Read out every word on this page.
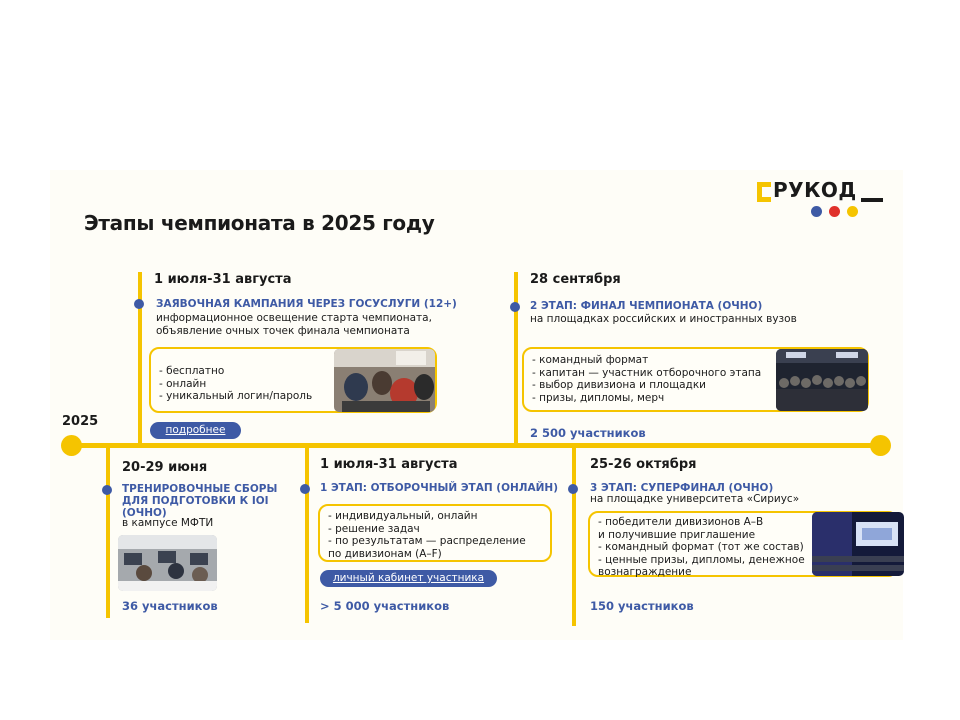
Этапы чемпионата в 2025 году
РУКОД
2025
1 июля-31 августа
ЗАЯВОЧНАЯ КАМПАНИЯ ЧЕРЕЗ ГОСУСЛУГИ (12+)
информационное освещение старта чемпионата,
объявление очных точек финала чемпионата
- бесплатно
- онлайн
- уникальный логин/пароль
подробнее
28 сентября
2 ЭТАП: ФИНАЛ ЧЕМПИОНАТА (ОЧНО)
на площадках российских и иностранных вузов
- командный формат
- капитан — участник отборочного этапа
- выбор дивизиона и площадки
- призы, дипломы, мерч
2 500 участников
20-29 июня
ТРЕНИРОВОЧНЫЕ СБОРЫ
ДЛЯ ПОДГОТОВКИ К IOI
(ОЧНО)
в кампусе МФТИ
36 участников
1 июля-31 августа
1 ЭТАП: ОТБОРОЧНЫЙ ЭТАП (ОНЛАЙН)
- индивидуальный, онлайн
- решение задач
- по результатам — распределение
по дивизионам (A–F)
личный кабинет участника
> 5 000 участников
25-26 октября
3 ЭТАП: СУПЕРФИНАЛ (ОЧНО)
на площадке университета «Сириус»
- победители дивизионов A–B
и получившие приглашение
- командный формат (тот же состав)
- ценные призы, дипломы, денежное
вознаграждение
150 участников
